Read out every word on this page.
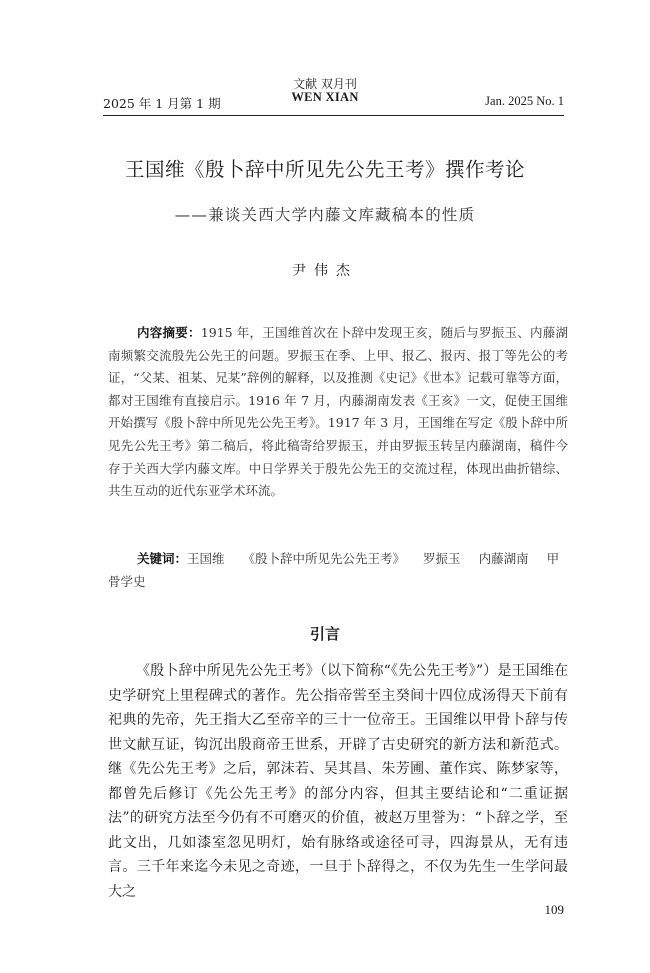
2025 年 1 月第 1 期
文献 双月刊
WEN XIAN	Jan. 2025 No. 1
王国维《殷卜辞中所见先公先王考》撰作考论
——兼谈关西大学内藤文库藏稿本的性质
尹伟杰
内容摘要：1915 年，王国维首次在卜辞中发现王亥，随后与罗振玉、内藤湖南频繁交流殷先公先王的问题。罗振玉在季、上甲、报乙、报丙、报丁等先公的考证，“父某、祖某、兄某”辞例的解释，以及推测《史记》《世本》记载可靠等方面，都对王国维有直接启示。1916 年 7 月，内藤湖南发表《王亥》一文，促使王国维开始撰写《殷卜辞中所见先公先王考》。1917 年 3 月，王国维在写定《殷卜辞中所见先公先王考》第二稿后，将此稿寄给罗振玉，并由罗振玉转呈内藤湖南，稿件今存于关西大学内藤文库。中日学界关于殷先公先王的交流过程，体现出曲折错综、共生互动的近代东亚学术环流。
关键词：王国维 《殷卜辞中所见先公先王考》 罗振玉 内藤湖南 甲骨学史
引言
《殷卜辞中所见先公先王考》（以下简称“《先公先王考》”）是王国维在史学研究上里程碑式的著作。先公指帝喾至主癸间十四位成汤得天下前有祀典的先帝，先王指大乙至帝辛的三十一位帝王。王国维以甲骨卜辞与传世文献互证，钩沉出殷商帝王世系，开辟了古史研究的新方法和新范式。继《先公先王考》之后，郭沫若、吴其昌、朱芳圃、董作宾、陈梦家等，都曾先后修订《先公先王考》的部分内容，但其主要结论和“二重证据法”的研究方法至今仍有不可磨灭的价值，被赵万里誉为：“卜辞之学，至此文出，几如漆室忽见明灯，始有脉络或途径可寻，四海景从，无有违言。三千年来迄今未见之奇迹，一旦于卜辞得之，不仅为先生一生学问最大之
109
